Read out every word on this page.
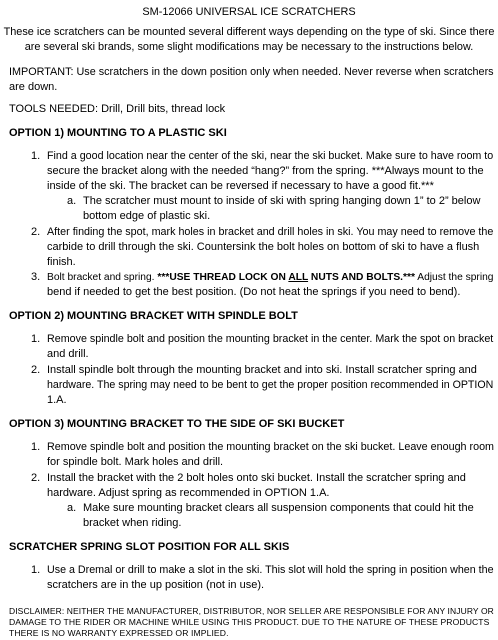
SM-12066 UNIVERSAL ICE SCRATCHERS
These ice scratchers can be mounted several different ways depending on the type of ski. Since there
are several ski brands, some slight modifications may be necessary to the instructions below.
IMPORTANT: Use scratchers in the down position only when needed. Never reverse when scratchers
are down.
TOOLS NEEDED: Drill, Drill bits, thread lock
OPTION 1) MOUNTING TO A PLASTIC SKI
1. Find a good location near the center of the ski, near the ski bucket. Make sure to have room to
secure the bracket along with the needed “hang?” from the spring. ***Always mount to the
inside of the ski. The bracket can be reversed if necessary to have a good fit.***
a. The scratcher must mount to inside of ski with spring hanging down 1” to 2” below
bottom edge of plastic ski.
2. After finding the spot, mark holes in bracket and drill holes in ski. You may need to remove the
carbide to drill through the ski. Countersink the bolt holes on bottom of ski to have a flush
finish.
3. Bolt bracket and spring. ***USE THREAD LOCK ON ALL NUTS AND BOLTS.*** Adjust the spring
bend if needed to get the best position. (Do not heat the springs if you need to bend).
OPTION 2) MOUNTING BRACKET WITH SPINDLE BOLT
1. Remove spindle bolt and position the mounting bracket in the center. Mark the spot on bracket
and drill.
2. Install spindle bolt through the mounting bracket and into ski. Install scratcher spring and
hardware. The spring may need to be bent to get the proper position recommended in OPTION
1.A.
OPTION 3) MOUNTING BRACKET TO THE SIDE OF SKI BUCKET
1. Remove spindle bolt and position the mounting bracket on the ski bucket. Leave enough room
for spindle bolt. Mark holes and drill.
2. Install the bracket with the 2 bolt holes onto ski bucket. Install the scratcher spring and
hardware. Adjust spring as recommended in OPTION 1.A.
a. Make sure mounting bracket clears all suspension components that could hit the
bracket when riding.
SCRATCHER SPRING SLOT POSITION FOR ALL SKIS
1. Use a Dremal or drill to make a slot in the ski. This slot will hold the spring in position when the
scratchers are in the up position (not in use).
DISCLAIMER: NEITHER THE MANUFACTURER, DISTRIBUTOR, NOR SELLER ARE RESPONSIBLE FOR ANY INJURY OR
DAMAGE TO THE RIDER OR MACHINE WHILE USING THIS PRODUCT. DUE TO THE NATURE OF THESE PRODUCTS
THERE IS NO WARRANTY EXPRESSED OR IMPLIED.
